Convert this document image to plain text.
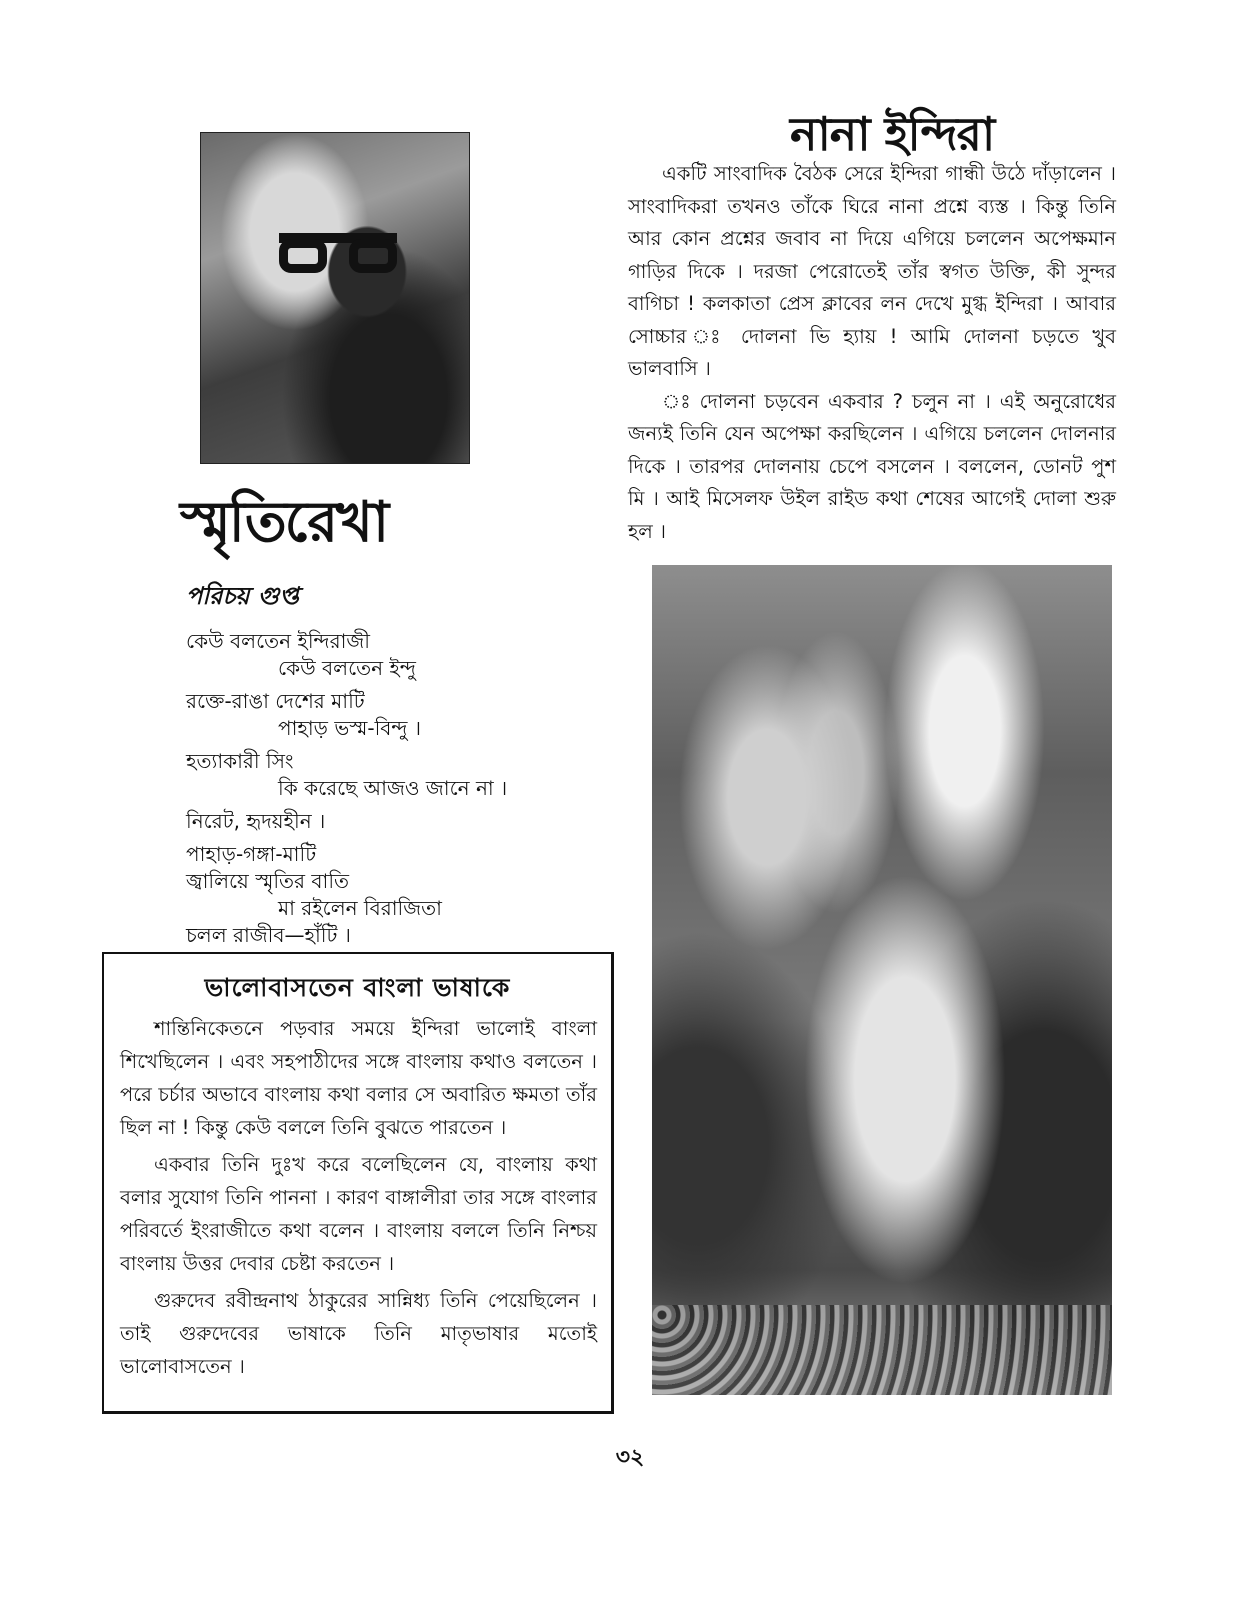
স্মৃতিরেখা
পরিচয় গুপ্ত
কেউ বলতেন ইন্দিরাজী
কেউ বলতেন ইন্দু
রক্তে-রাঙা দেশের মাটি
পাহাড় ভস্ম-বিন্দু ।
হত্যাকারী সিং
কি করেছে আজও জানে না ।
নিরেট, হৃদয়হীন ।
পাহাড়-গঙ্গা-মাটি
জ্বালিয়ে স্মৃতির বাতি
মা রইলেন বিরাজিতা
চলল রাজীব—হাঁটি ।
ভালোবাসতেন বাংলা ভাষাকে

শান্তিনিকেতনে পড়বার সময়ে ইন্দিরা ভালোই বাংলা শিখেছিলেন । এবং সহপাঠীদের সঙ্গে বাংলায় কথাও বলতেন । পরে চর্চার অভাবে বাংলায় কথা বলার সে অবারিত ক্ষমতা তাঁর ছিল না ! কিন্তু কেউ বললে তিনি বুঝতে পারতেন ।

একবার তিনি দুঃখ করে বলেছিলেন যে, বাংলায় কথা বলার সুযোগ তিনি পাননা । কারণ বাঙ্গালীরা তার সঙ্গে বাংলার পরিবর্তে ইংরাজীতে কথা বলেন । বাংলায় বললে তিনি নিশ্চয় বাংলায় উত্তর দেবার চেষ্টা করতেন ।

গুরুদেব রবীন্দ্রনাথ ঠাকুরের সান্নিধ্য তিনি পেয়েছিলেন । তাই গুরুদেবের ভাষাকে তিনি মাতৃভাষার মতোই ভালোবাসতেন ।

নানা ইন্দিরা

একটি সাংবাদিক বৈঠক সেরে ইন্দিরা গান্ধী উঠে দাঁড়ালেন । সাংবাদিকরা তখনও তাঁকে ঘিরে নানা প্রশ্নে ব্যস্ত । কিন্তু তিনি আর কোন প্রশ্নের জবাব না দিয়ে এগিয়ে চললেন অপেক্ষমান গাড়ির দিকে । দরজা পেরোতেই তাঁর স্বগত উক্তি, কী সুন্দর বাগিচা ! কলকাতা প্রেস ক্লাবের লন দেখে মুগ্ধ ইন্দিরা । আবার সোচ্চার ঃ দোলনা ভি হ্যায় ! আমি দোলনা চড়তে খুব ভালবাসি ।

ঃ দোলনা চড়বেন একবার ? চলুন না । এই অনুরোধের জন্যই তিনি যেন অপেক্ষা করছিলেন । এগিয়ে চললেন দোলনার দিকে । তারপর দোলনায় চেপে বসলেন । বললেন, ডোনট পুশ মি । আই মিসেলফ উইল রাইড কথা শেষের আগেই দোলা শুরু হল ।

৩২
